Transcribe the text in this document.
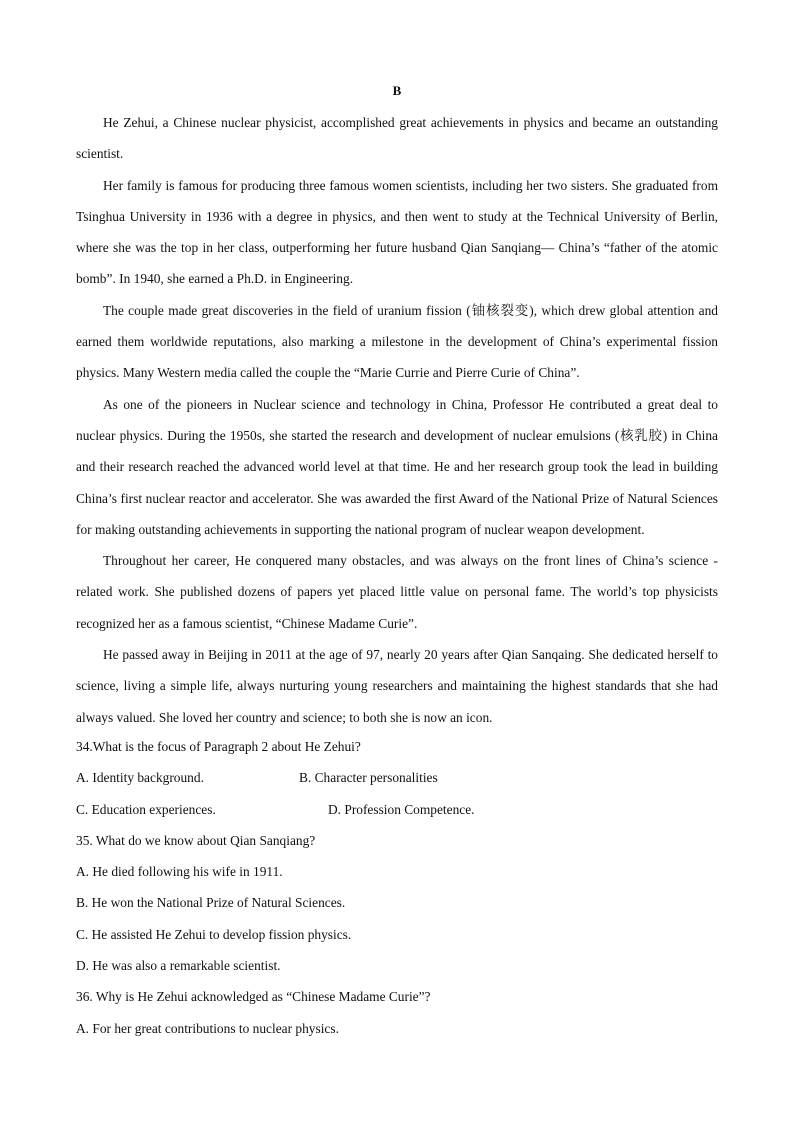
B

He Zehui, a Chinese nuclear physicist, accomplished great achievements in physics and became an outstanding scientist.

Her family is famous for producing three famous women scientists, including her two sisters. She graduated from Tsinghua University in 1936 with a degree in physics, and then went to study at the Technical University of Berlin, where she was the top in her class, outperforming her future husband Qian Sanqiang— China’s “father of the atomic bomb”. In 1940, she earned a Ph.D. in Engineering.

The couple made great discoveries in the field of uranium fission (铀核裂变), which drew global attention and earned them worldwide reputations, also marking a milestone in the development of China’s experimental fission physics. Many Western media called the couple the “Marie Currie and Pierre Curie of China”.

As one of the pioneers in Nuclear science and technology in China, Professor He contributed a great deal to nuclear physics. During the 1950s, she started the research and development of nuclear emulsions (核乳胶) in China and their research reached the advanced world level at that time. He and her research group took the lead in building China’s first nuclear reactor and accelerator. She was awarded the first Award of the National Prize of Natural Sciences for making outstanding achievements in supporting the national program of nuclear weapon development.

Throughout her career, He conquered many obstacles, and was always on the front lines of China’s science - related work. She published dozens of papers yet placed little value on personal fame. The world’s top physicists recognized her as a famous scientist, “Chinese Madame Curie”.

He passed away in Beijing in 2011 at the age of 97, nearly 20 years after Qian Sanqaing. She dedicated herself to science, living a simple life, always nurturing young researchers and maintaining the highest standards that she had always valued. She loved her country and science; to both she is now an icon.

34.What is the focus of Paragraph 2 about He Zehui?
A. Identity background.	B. Character personalities
C. Education experiences.	D. Profession Competence.
35. What do we know about Qian Sanqiang?
A. He died following his wife in 1911.
B. He won the National Prize of Natural Sciences.
C. He assisted He Zehui to develop fission physics.
D. He was also a remarkable scientist.
36. Why is He Zehui acknowledged as “Chinese Madame Curie”?
A. For her great contributions to nuclear physics.
